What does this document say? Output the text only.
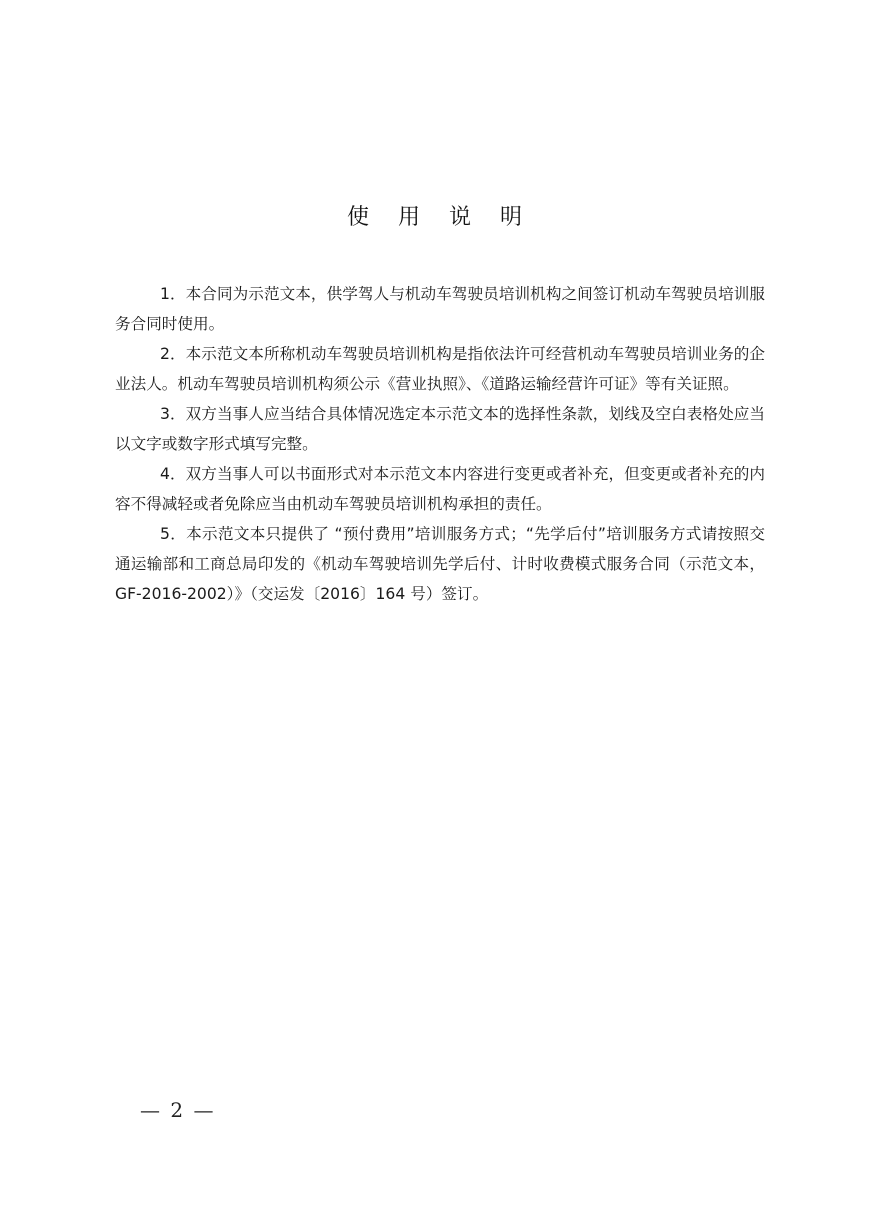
使 用 说 明

1．本合同为示范文本，供学驾人与机动车驾驶员培训机构之间签订机动车驾驶员培训服务合同时使用。

2．本示范文本所称机动车驾驶员培训机构是指依法许可经营机动车驾驶员培训业务的企业法人。机动车驾驶员培训机构须公示《营业执照》、《道路运输经营许可证》等有关证照。

3．双方当事人应当结合具体情况选定本示范文本的选择性条款，划线及空白表格处应当以文字或数字形式填写完整。

4．双方当事人可以书面形式对本示范文本内容进行变更或者补充，但变更或者补充的内容不得减轻或者免除应当由机动车驾驶员培训机构承担的责任。

5．本示范文本只提供了 “预付费用”培训服务方式；“先学后付”培训服务方式请按照交通运输部和工商总局印发的《机动车驾驶培训先学后付、计时收费模式服务合同（示范文本，GF-2016-2002）》（交运发〔2016〕164 号）签订。

— 2 —
